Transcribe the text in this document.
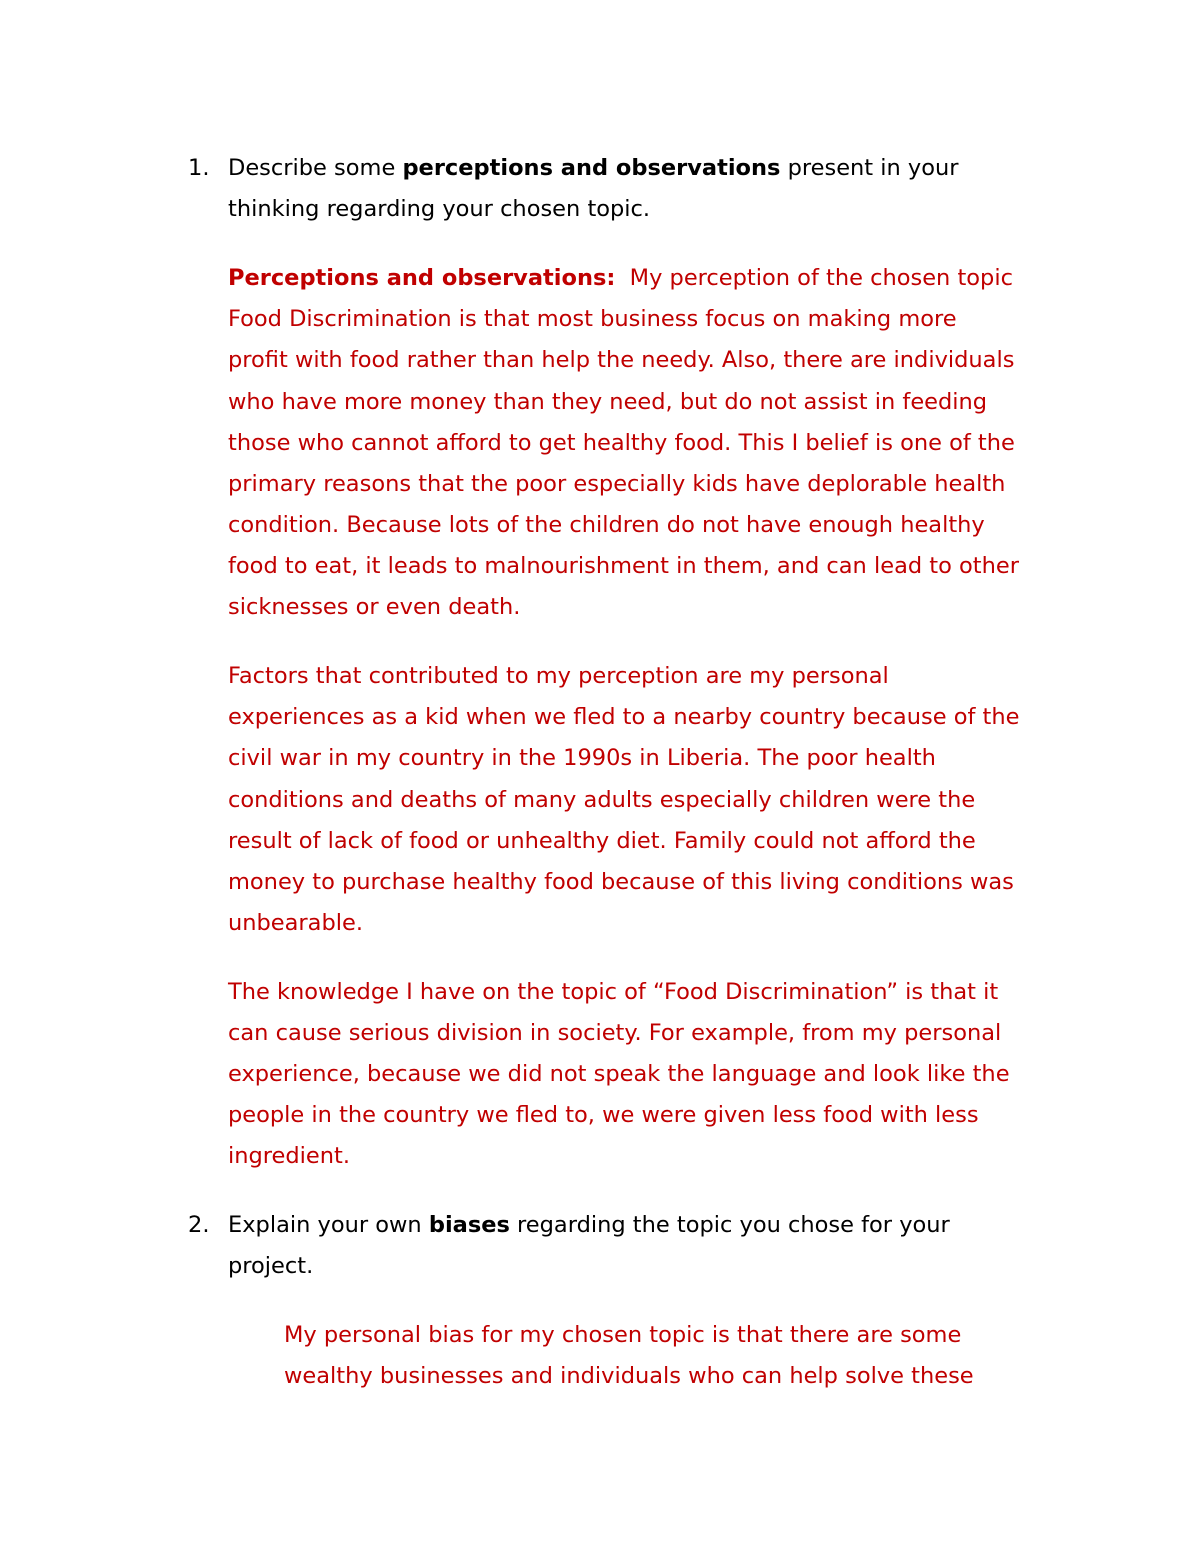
1. Describe some perceptions and observations present in your
thinking regarding your chosen topic.
Perceptions and observations:  My perception of the chosen topic
Food Discrimination is that most business focus on making more
profit with food rather than help the needy. Also, there are individuals
who have more money than they need, but do not assist in feeding
those who cannot afford to get healthy food. This I belief is one of the
primary reasons that the poor especially kids have deplorable health
condition. Because lots of the children do not have enough healthy
food to eat, it leads to malnourishment in them, and can lead to other
sicknesses or even death.
Factors that contributed to my perception are my personal
experiences as a kid when we fled to a nearby country because of the
civil war in my country in the 1990s in Liberia. The poor health
conditions and deaths of many adults especially children were the
result of lack of food or unhealthy diet. Family could not afford the
money to purchase healthy food because of this living conditions was
unbearable.
The knowledge I have on the topic of “Food Discrimination” is that it
can cause serious division in society. For example, from my personal
experience, because we did not speak the language and look like the
people in the country we fled to, we were given less food with less
ingredient.
2. Explain your own biases regarding the topic you chose for your
project.
My personal bias for my chosen topic is that there are some
wealthy businesses and individuals who can help solve these
